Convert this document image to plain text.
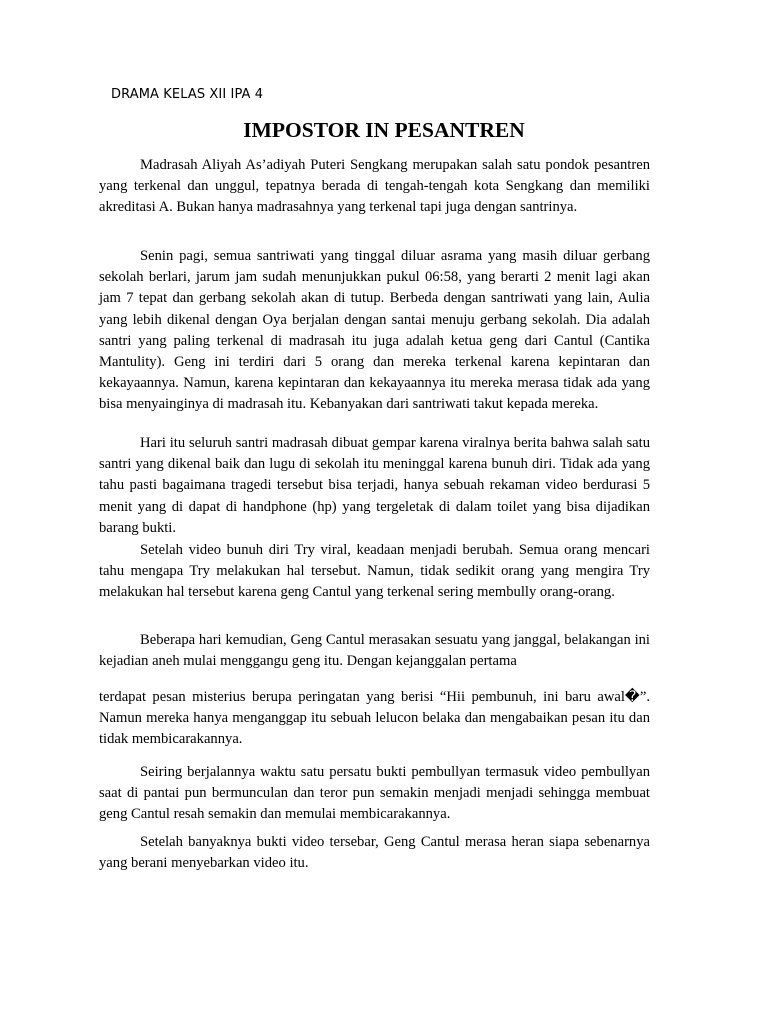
DRAMA KELAS XII IPA 4
IMPOSTOR IN PESANTREN

Madrasah Aliyah As’adiyah Puteri Sengkang merupakan salah satu pondok pesantren yang terkenal dan unggul, tepatnya berada di tengah-tengah kota Sengkang dan memiliki akreditasi A. Bukan hanya madrasahnya yang terkenal tapi juga dengan santrinya.

Senin pagi, semua santriwati yang tinggal diluar asrama yang masih diluar gerbang sekolah berlari, jarum jam sudah menunjukkan pukul 06:58, yang berarti 2 menit lagi akan jam 7 tepat dan gerbang sekolah akan di tutup. Berbeda dengan santriwati yang lain, Aulia yang lebih dikenal dengan Oya berjalan dengan santai menuju gerbang sekolah. Dia adalah santri yang paling terkenal di madrasah itu juga adalah ketua geng dari Cantul (Cantika Mantulity). Geng ini terdiri dari 5 orang dan mereka terkenal karena kepintaran dan kekayaannya. Namun, karena kepintaran dan kekayaannya itu mereka merasa tidak ada yang bisa menyainginya di madrasah itu. Kebanyakan dari santriwati takut kepada mereka.

Hari itu seluruh santri madrasah dibuat gempar karena viralnya berita bahwa salah satu santri yang dikenal baik dan lugu di sekolah itu meninggal karena bunuh diri. Tidak ada yang tahu pasti bagaimana tragedi tersebut bisa terjadi, hanya sebuah rekaman video berdurasi 5 menit yang di dapat di handphone (hp) yang tergeletak di dalam toilet yang bisa dijadikan barang bukti.

Setelah video bunuh diri Try viral, keadaan menjadi berubah. Semua orang mencari tahu mengapa Try melakukan hal tersebut. Namun, tidak sedikit orang yang mengira Try melakukan hal tersebut karena geng Cantul yang terkenal sering membully orang-orang.

Beberapa hari kemudian, Geng Cantul merasakan sesuatu yang janggal, belakangan ini kejadian aneh mulai menggangu geng itu. Dengan kejanggalan pertama

terdapat pesan misterius berupa peringatan yang berisi “Hii pembunuh, ini baru awal�”. Namun mereka hanya menganggap itu sebuah lelucon belaka dan mengabaikan pesan itu dan tidak membicarakannya.

Seiring berjalannya waktu satu persatu bukti pembullyan termasuk video pembullyan saat di pantai pun bermunculan dan teror pun semakin menjadi menjadi sehingga membuat geng Cantul resah semakin dan memulai membicarakannya.

Setelah banyaknya bukti video tersebar, Geng Cantul merasa heran siapa sebenarnya yang berani menyebarkan video itu.
